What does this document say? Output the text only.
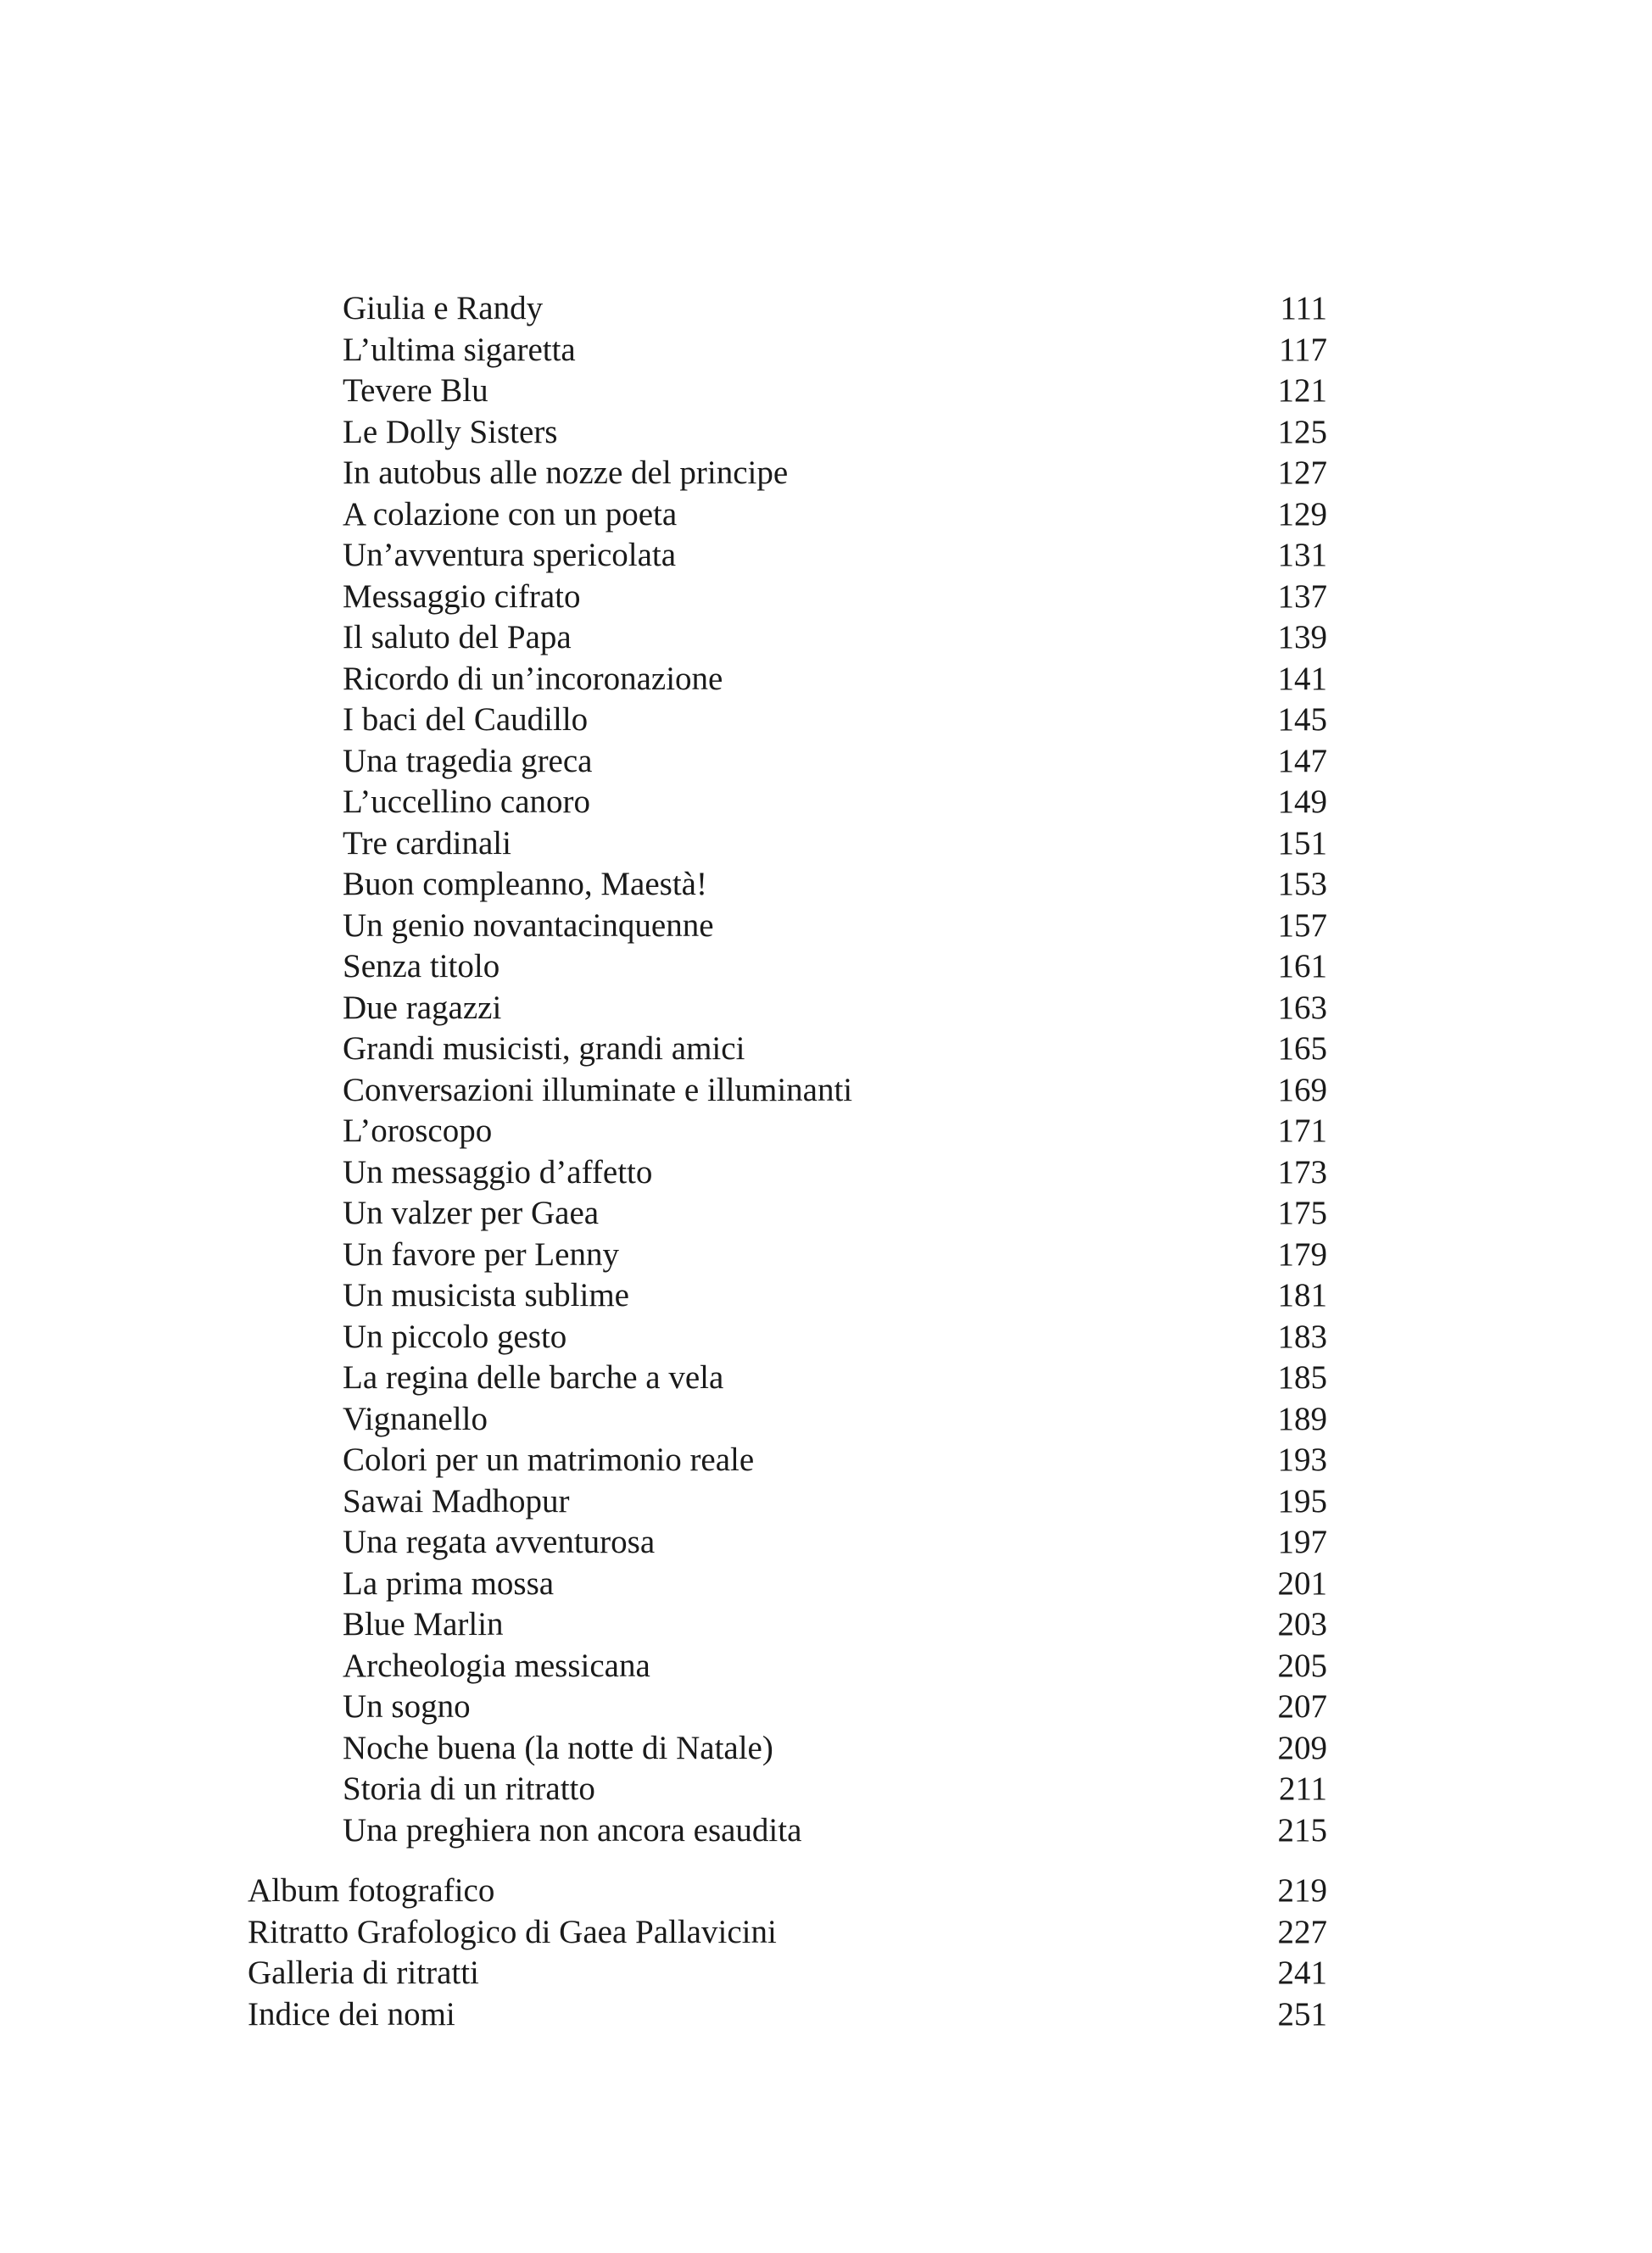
Giulia e Randy	111
L’ultima sigaretta	117
Tevere Blu	121
Le Dolly Sisters	125
In autobus alle nozze del principe	127
A colazione con un poeta	129
Un’avventura spericolata	131
Messaggio cifrato	137
Il saluto del Papa	139
Ricordo di un’incoronazione	141
I baci del Caudillo	145
Una tragedia greca	147
L’uccellino canoro	149
Tre cardinali	151
Buon compleanno, Maestà!	153
Un genio novantacinquenne	157
Senza titolo	161
Due ragazzi	163
Grandi musicisti, grandi amici	165
Conversazioni illuminate e illuminanti	169
L’oroscopo	171
Un messaggio d’affetto	173
Un valzer per Gaea	175
Un favore per Lenny	179
Un musicista sublime	181
Un piccolo gesto	183
La regina delle barche a vela	185
Vignanello	189
Colori per un matrimonio reale	193
Sawai Madhopur	195
Una regata avventurosa	197
La prima mossa	201
Blue Marlin	203
Archeologia messicana	205
Un sogno	207
Noche buena (la notte di Natale)	209
Storia di un ritratto	211
Una preghiera non ancora esaudita	215
Album fotografico	219
Ritratto Grafologico di Gaea Pallavicini	227
Galleria di ritratti	241
Indice dei nomi	251
